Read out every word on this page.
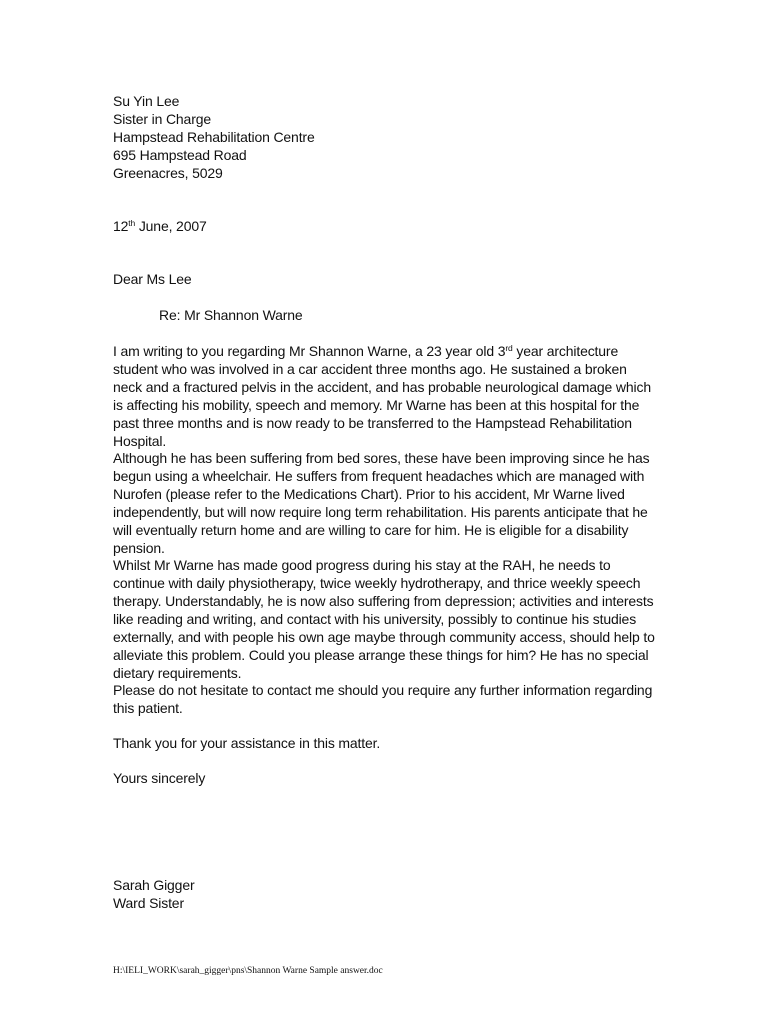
Su Yin Lee
Sister in Charge
Hampstead Rehabilitation Centre
695 Hampstead Road
Greenacres, 5029
12th June, 2007
Dear Ms Lee
Re: Mr Shannon Warne
I am writing to you regarding Mr Shannon Warne, a 23 year old 3rd year architecture student who was involved in a car accident three months ago. He sustained a broken neck and a fractured pelvis in the accident, and has probable neurological damage which is affecting his mobility, speech and memory. Mr Warne has been at this hospital for the past three months and is now ready to be transferred to the Hampstead Rehabilitation Hospital.
Although he has been suffering from bed sores, these have been improving since he has begun using a wheelchair. He suffers from frequent headaches which are managed with Nurofen (please refer to the Medications Chart). Prior to his accident, Mr Warne lived independently, but will now require long term rehabilitation. His parents anticipate that he will eventually return home and are willing to care for him. He is eligible for a disability pension.
Whilst Mr Warne has made good progress during his stay at the RAH, he needs to continue with daily physiotherapy, twice weekly hydrotherapy, and thrice weekly speech therapy. Understandably, he is now also suffering from depression; activities and interests like reading and writing, and contact with his university, possibly to continue his studies externally, and with people his own age maybe through community access, should help to alleviate this problem. Could you please arrange these things for him? He has no special dietary requirements.
Please do not hesitate to contact me should you require any further information regarding this patient.
Thank you for your assistance in this matter.
Yours sincerely
Sarah Gigger
Ward Sister
H:\IELI_WORK\sarah_gigger\pns\Shannon Warne Sample answer.doc
